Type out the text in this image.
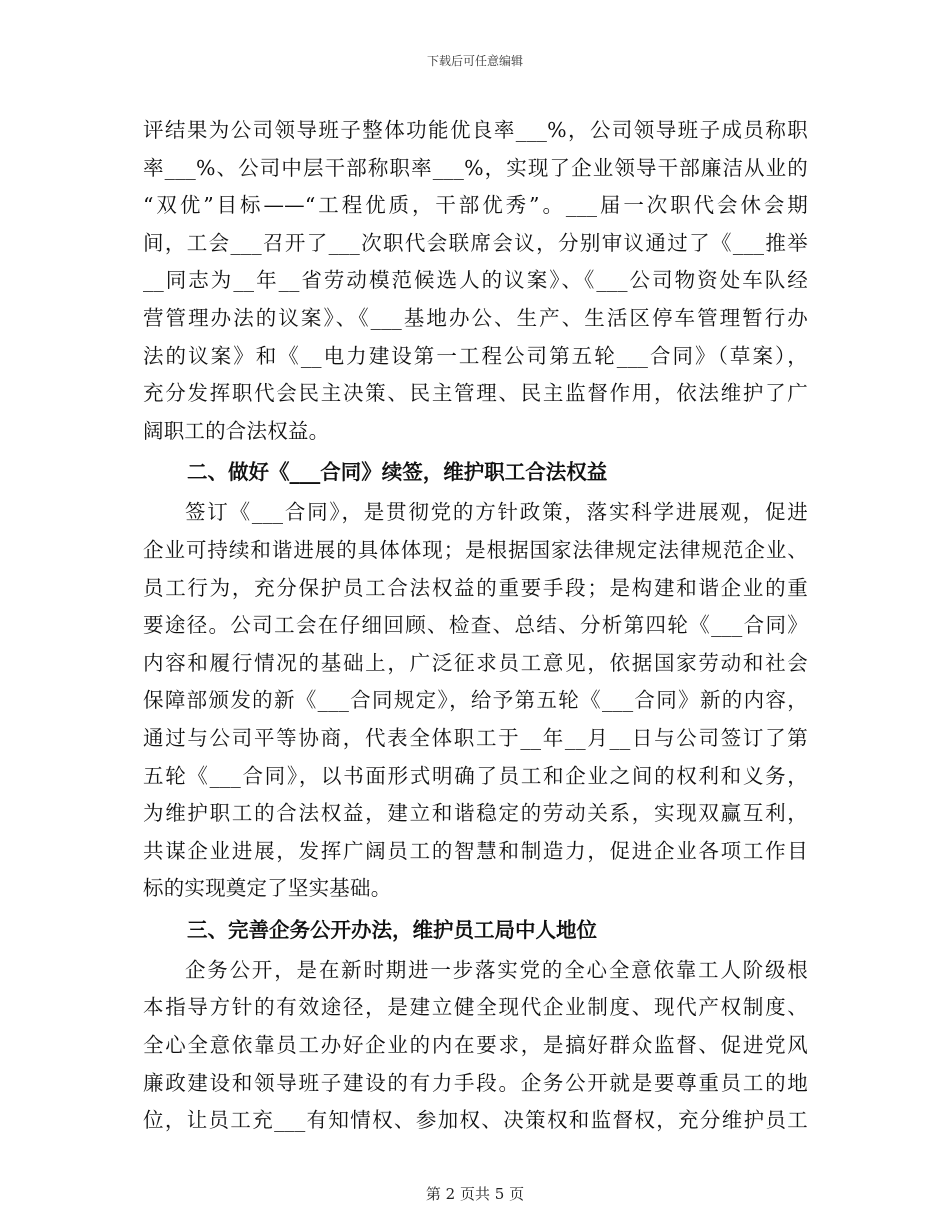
下载后可任意编辑
评结果为公司领导班子整体功能优良率___%，公司领导班子成员称职
率___%、公司中层干部称职率___%，实现了企业领导干部廉洁从业的
“双优”目标——“工程优质，干部优秀”。___届一次职代会休会期
间，工会___召开了___次职代会联席会议，分别审议通过了《___推举
__同志为__年__省劳动模范候选人的议案》、《___公司物资处车队经
营管理办法的议案》、《___基地办公、生产、生活区停车管理暂行办
法的议案》和《__电力建设第一工程公司第五轮___合同》（草案），
充分发挥职代会民主决策、民主管理、民主监督作用，依法维护了广
阔职工的合法权益。
二、做好《___合同》续签，维护职工合法权益
签订《___合同》，是贯彻党的方针政策，落实科学进展观，促进
企业可持续和谐进展的具体体现；是根据国家法律规定法律规范企业、
员工行为，充分保护员工合法权益的重要手段；是构建和谐企业的重
要途径。公司工会在仔细回顾、检查、总结、分析第四轮《___合同》
内容和履行情况的基础上，广泛征求员工意见，依据国家劳动和社会
保障部颁发的新《___合同规定》，给予第五轮《___合同》新的内容，
通过与公司平等协商，代表全体职工于__年__月__日与公司签订了第
五轮《___合同》，以书面形式明确了员工和企业之间的权利和义务，
为维护职工的合法权益，建立和谐稳定的劳动关系，实现双赢互利，
共谋企业进展，发挥广阔员工的智慧和制造力，促进企业各项工作目
标的实现奠定了坚实基础。
三、完善企务公开办法，维护员工局中人地位
企务公开，是在新时期进一步落实党的全心全意依靠工人阶级根
本指导方针的有效途径，是建立健全现代企业制度、现代产权制度、
全心全意依靠员工办好企业的内在要求，是搞好群众监督、促进党风
廉政建设和领导班子建设的有力手段。企务公开就是要尊重员工的地
位，让员工充___有知情权、参加权、决策权和监督权，充分维护员工
第 2 页共 5 页
